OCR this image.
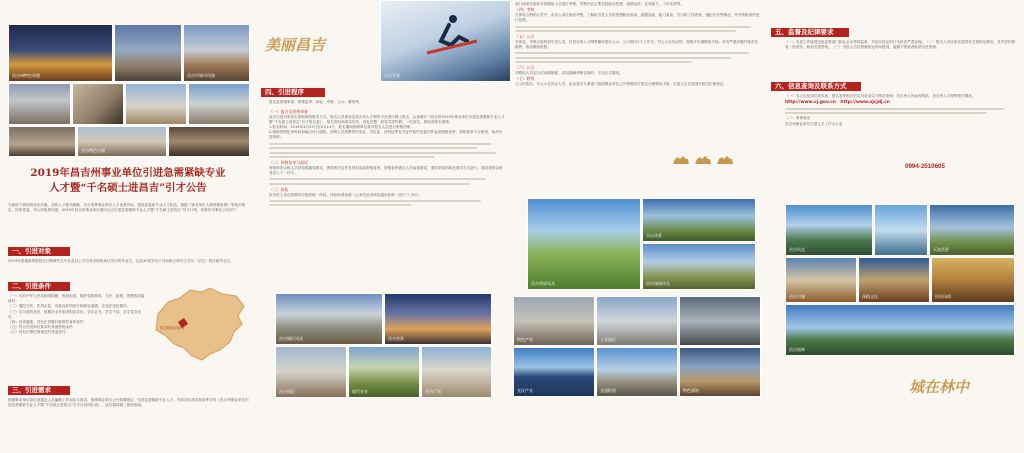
昌吉州特色风貌	昌吉市城市风貌
昌吉特色小镇
2019年昌吉州事业单位引进急需紧缺专业
人才暨“千名硕士进昌吉”引才公告
为促进干部结构优化升级，加快人才强州战略，充分发挥事业单位人才优势作用，建设高素质专业人才队伍，根据《事业单位人事管理条例》等相关规定，经州党委、州人民政府同意，2019年昌吉州事业单位面向社会引进急需紧缺专业人才暨“千名硕士进昌吉”引才计划，现将有关事宜公告如下：
一、引进对象
2019年普通高等院校全日制研究生毕业及以上学历具有国家承认学历的毕业生，以及35周岁以下具有硕士研究生学历（学位）的往届毕业生。
二、引进条件
（一）具有中华人民共和国国籍，热爱祖国，拥护党的路线、方针、政策，思想政治素质好；
（二）遵纪守法，作风正派，具备良好的品行和职业道德，无违法违纪情况；
（三）学习成绩良好，按期毕业并取得相应学历、学位证书，学生干部、学生党员优先；
（四）身体健康，具有正常履行职责的身体条件；
（五）符合引进岗位要求的其他资格条件；
（六）具有法律法规规定的其他条件。
昌吉回族自治州
三、引进需求
根据事业单位岗位设置及人员编制工作实际与需求，按照事业单位公开招聘规定，引进急需紧缺专业人才。具体岗位需求和条件详见《昌吉州事业单位引进急需紧缺专业人才暨“千名硕士进昌吉”引才计划岗位表》，请扫描封面二维码查看。
美丽昌吉
天山雪景
四、引进程序
报名及资格审查、资格复审、体检、考察、公示、聘用等。
（一）报名及资格审查
此次引进对象报名采取网络报名方式，报名人员需登录昌吉州人才网等平台进行网上报名，认真填写《昌吉州2019年事业单位引进急需紧缺专业人才暨“千名硕士进昌吉”引才报名表》，报名资料须真实有效、内容完整，如有弄虚作假，一经查实，即取消报名资格。
1.报名时间：2019年3月22日至4月14日，报名期间招聘单位将对报名人员进行资格初审。
2.现场资格复审时间和地点另行通知，应聘人员须携带毕业证、学位证、身份证等有关证件原件及复印件参加资格复审，资格复审不合格者，取消引进资格。
（二）资格复审与面试
资格审查合格人员须按照通知要求，携带相关证件及材料参加资格复审，资格复审通过人员参加面试，面试采取结构化面试方式进行，面试成绩合格者进入下一环节。
（三）体检
拟引进人员由招聘单位组织统一体检，体检标准参照《公务员录用体检通用标准（试行）》执行。
昌吉城区风光	昌吉夜景
昌吉园区	现代农业	昌吉广场
部门或单位组织对拟聘用人员进行考察，考察内容主要包括政治思想、道德品质、业务能力、工作实绩等。
（四）考核
在体检合格的人员中，由用人单位组织考察，了解拟引进人员的思想政治表现、道德品质、能力素质、学习和工作表现、遵纪守法等情况，并对资格条件进行复核。
（五）公示
对体检、考察合格的拟引进人员，在昌吉州人才网等媒体进行公示，公示期为7个工作日。对公示无异议的，按程序办理聘用手续；对有严重问题并查有实据的，取消聘用资格。
（六）公示
对聘用人员实行试用期制度，试用期满考核合格的，予以正式聘用。
（七）聘用
公示结果后，对公示无异议人员，由各县市人事部门按照事业单位公开招聘有关规定办理聘用手续，引进人员自觉遵守相关纪律规定。
昌吉草原风光
天山风景
昌吉丝路风光
特色产业	工业园区
光伏产业	交通枢纽	特色建筑
五、监督及纪律要求
（一）引进工作接受纪检监察部门和社会各界的监督，对违反规定的行为依法严肃处理。（二）报名人员应如实提供有关资料及情况，对弄虚作假者一经查实，取消引进资格。（三）引进人员应按照规定时间报到，逾期不报到者取消引进资格。
六、信息查询及联系方式
（一）本公告及岗位需求表、报名表等相关信息可登录以下网站查询：昌吉州人民政府网站、昌吉州人才网等相关网站。
http://www.cj.gov.cn http://www.xjcjdj.cn
（二）咨询电话
昌吉州事业单位引进人才工作办公室
0994-2510605
昌吉风光	天池美景
昌吉古城	丝路文化	民俗风情
昌吉园林
城在林中
